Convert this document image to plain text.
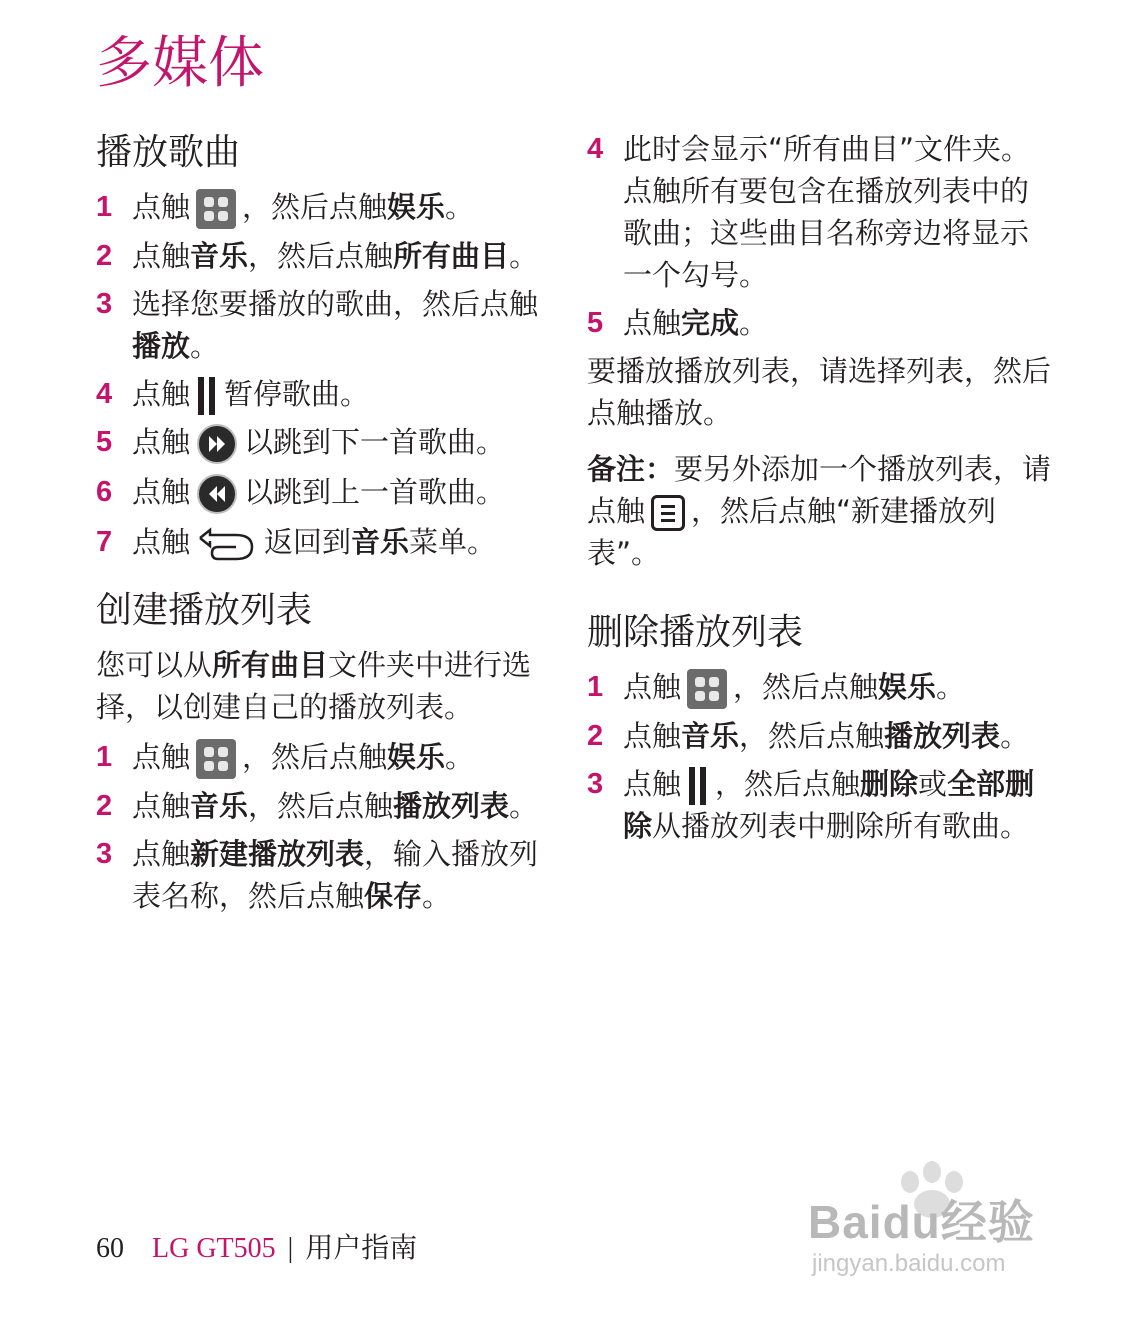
多媒体
播放歌曲
1 点触 ，然后点触娱乐。
2 点触音乐，然后点触所有曲目。
3 选择您要播放的歌曲，然后点触播放。
4 点触 暂停歌曲。
5 点触 以跳到下一首歌曲。
6 点触 以跳到上一首歌曲。
7 点触	返回到音乐菜单。
创建播放列表
您可以从所有曲目文件夹中进行选择，以创建自己的播放列表。
1 点触 ，然后点触娱乐。
2 点触音乐，然后点触播放列表。
3 点触新建播放列表，输入播放列表名称，然后点触保存。
4 此时会显示“所有曲目”文件夹。 点触所有要包含在播放列表中的歌曲；这些曲目名称旁边将显示一个勾号。
5 点触完成。
要播放播放列表，请选择列表，然后点触播放。
备注：要另外添加一个播放列表，请点触 ，然后点触“新建播放列表”。
删除播放列表
1 点触 ，然后点触娱乐。
2 点触音乐，然后点触播放列表。
3 点触 ，然后点触删除或全部删除从播放列表中删除所有歌曲。
Baidu经验
jingyan.baidu.com
60 LG GT505 | 用户指南
